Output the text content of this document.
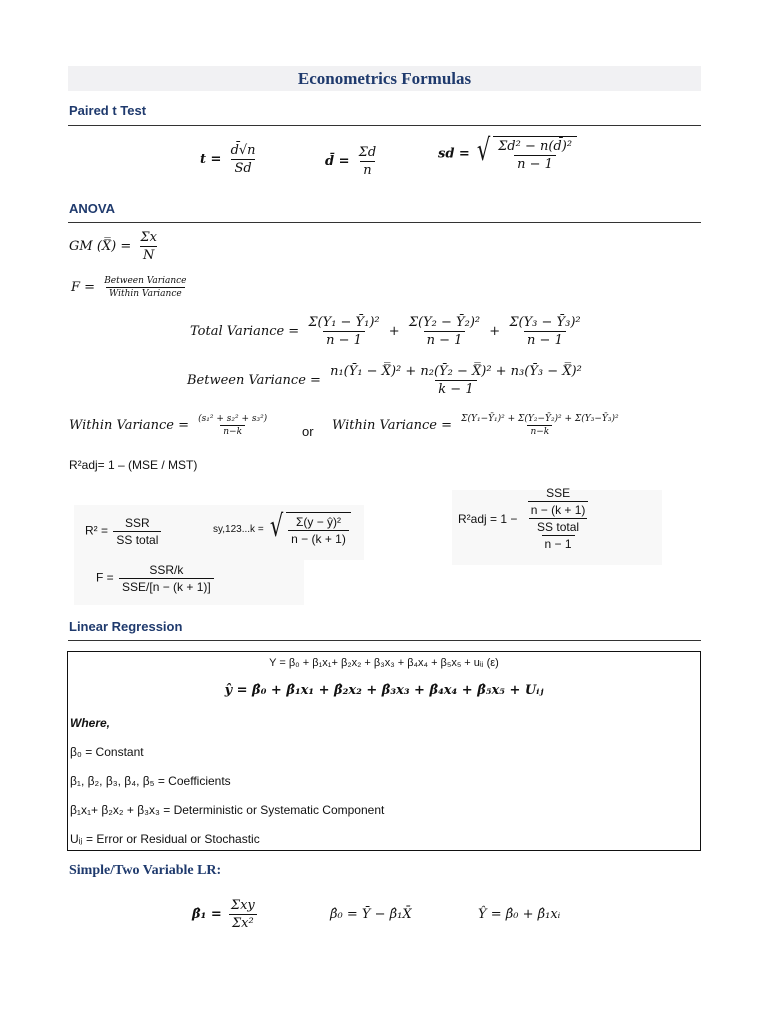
Econometrics Formulas
Paired t Test
$t = \frac{d̄√n}{Sd}$	d̄ = $\frac{\Sigma d}{n}$	sd = √ $\frac{\text{Σd² − n(d̄)²}}{n - 1}$
ANOVA
GM (X̿) = $\frac{\Sigma x}{N}$
$F = \frac{\text{Between Variance}}{\text{Within Variance}}$
Total Variance = $\frac{\text{Σ(Y₁ − Ȳ₁)²}}{n - 1} + \frac{\text{Σ(Y₂ − Ȳ₂)²}}{n - 1} + \frac{\text{Σ(Y₃ − Ȳ₃)²}}{n - 1}$
Between Variance = $\frac{\text{n₁(Ȳ₁ − X̿)² + n₂(Ȳ₂ − X̿)² + n₃(Ȳ₃ − X̿)²}}{k - 1}$
Within Variance = $\frac{\text{(s₁² + s₂² + s₃²)}}{n-k}$ or Within Variance = $\frac{\text{Σ(Y₁−Ȳ₁)² + Σ(Y₂−Ȳ₂)² + Σ(Y₃−Ȳ₃)²}}{n-k}$
R²adj= 1 – (MSE / MST)
$R^2 = \frac{\text{SSR}}{\text{SS total}}$	sy,123...k = √ $\frac{\text{Σ(y − ŷ)²}}{n - (k + 1)}$	$R^2adj = 1 - \frac{\frac{\text{SSE}}{n - (k + 1)}}{\frac{\text{SS total}}{n - 1}}$
$F = \frac{\text{SSR/k}}{\text{SSE/[n − (k + 1)]}}$
Linear Regression
Y = β₀ + β₁x₁+ β₂x₂ + β₃x₃ + β₄x₄ + β₅x₅ + uᵢⱼ (ε)
ŷ = β̂₀ + β̂₁x₁ + β̂₂x₂ + β̂₃x₃ + β̂₄x₄ + β̂₅x₅ + Uᵢⱼ
Where,
β₀ = Constant
β₁, β₂, β₃, β₄, β₅ = Coefficients
β₁x₁+ β₂x₂ + β₃x₃ = Deterministic or Systematic Component
Uᵢⱼ = Error or Residual or Stochastic
Simple/Two Variable LR:
β̂₁ = $\frac{\text{Σxy}}{\text{Σx²}}$	β̂₀ = Ȳ − β̂₁X̄	Ŷ = β̂₀ + β̂₁xᵢ
